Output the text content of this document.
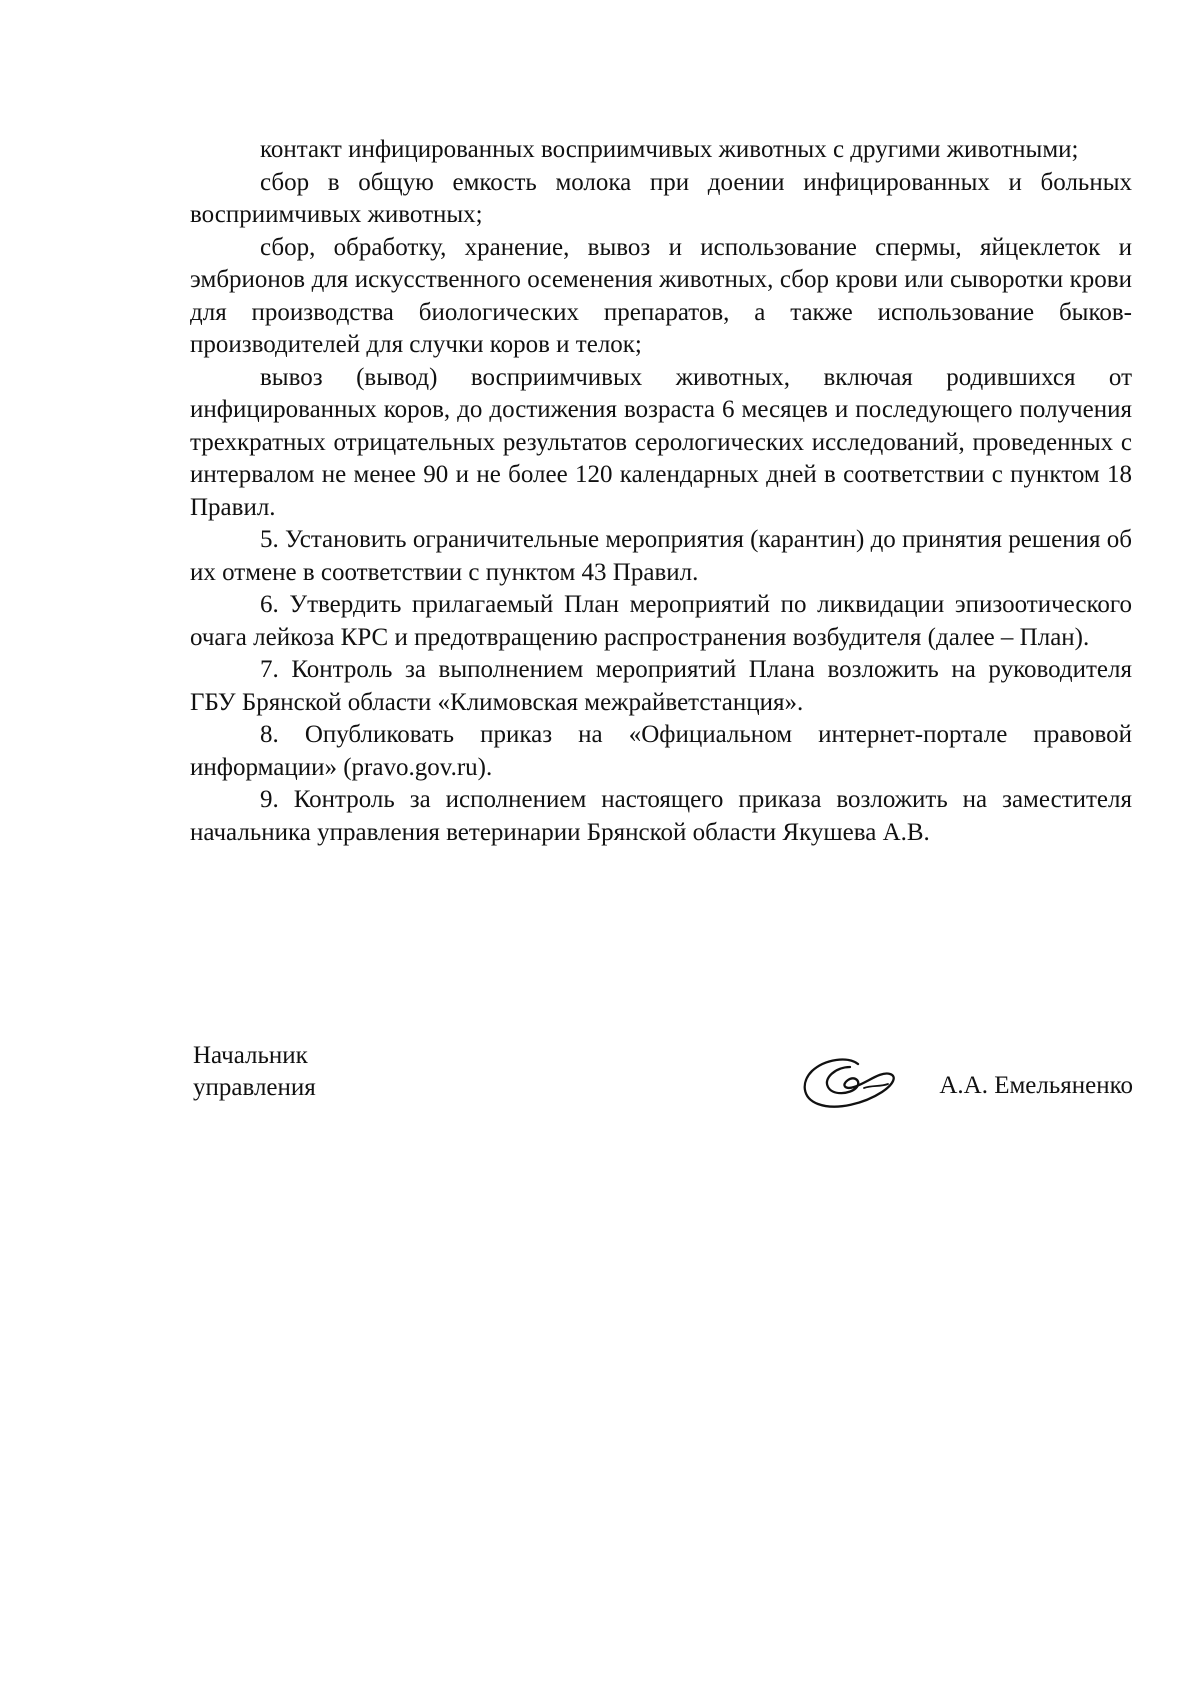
контакт инфицированных восприимчивых животных с другими животными;

сбор в общую емкость молока при доении инфицированных и больных восприимчивых животных;

сбор, обработку, хранение, вывоз и использование спермы, яйцеклеток и эмбрионов для искусственного осеменения животных, сбор крови или сыворотки крови для производства биологических препаратов, а также использование быков-производителей для случки коров и телок;

вывоз (вывод) восприимчивых животных, включая родившихся от инфицированных коров, до достижения возраста 6 месяцев и последующего получения трехкратных отрицательных результатов серологических исследований, проведенных с интервалом не менее 90 и не более 120 календарных дней в соответствии с пунктом 18 Правил.

5. Установить ограничительные мероприятия (карантин) до принятия решения об их отмене в соответствии с пунктом 43 Правил.

6. Утвердить прилагаемый План мероприятий по ликвидации эпизоотического очага лейкоза КРС и предотвращению распространения возбудителя (далее – План).

7. Контроль за выполнением мероприятий Плана возложить на руководителя ГБУ Брянской области «Климовская межрайветстанция».

8. Опубликовать приказ на «Официальном интернет-портале правовой информации» (pravo.gov.ru).

9. Контроль за исполнением настоящего приказа возложить на заместителя начальника управления ветеринарии Брянской области Якушева А.В.

Начальник
управления	А.А. Емельяненко
